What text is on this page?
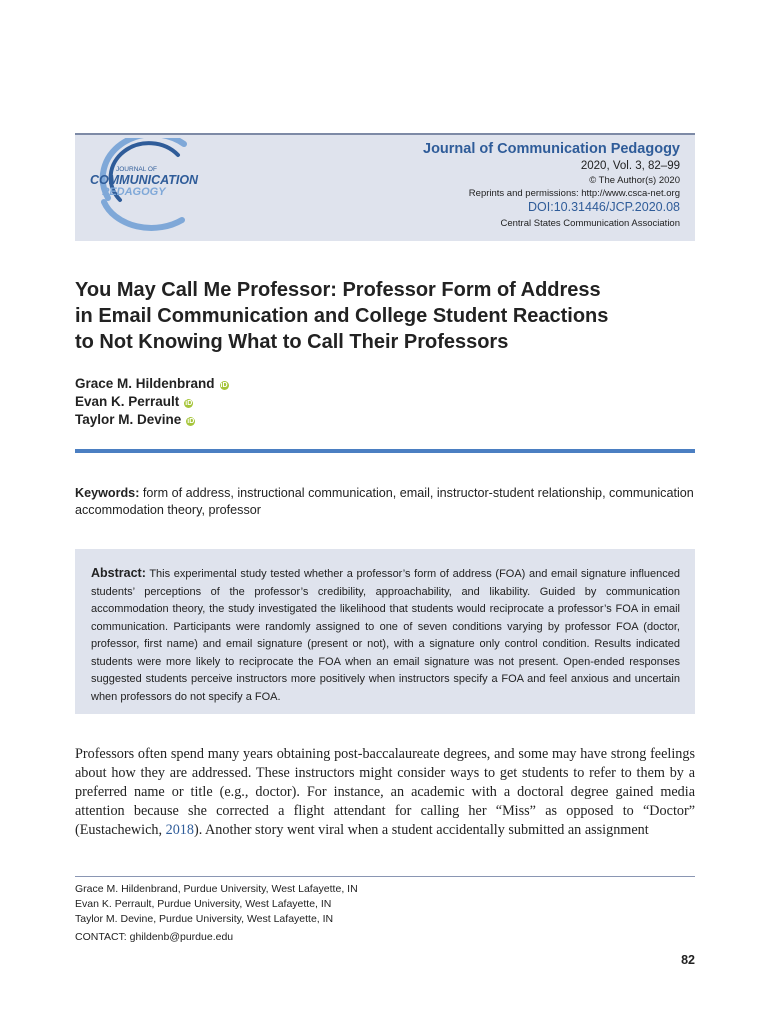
JOURNAL OF
COMMUNICATION
PEDAGOGY
Journal of Communication Pedagogy
2020, Vol. 3, 82–99
© The Author(s) 2020
Reprints and permissions: http://www.csca-net.org
DOI:10.31446/JCP.2020.08
Central States Communication Association
You May Call Me Professor: Professor Form of Address
in Email Communication and College Student Reactions
to Not Knowing What to Call Their Professors
Grace M. Hildenbrand iD
Evan K. Perrault iD
Taylor M. Devine iD
Keywords: form of address, instructional communication, email, instructor-student relationship, communication accommodation theory, professor
Abstract: This experimental study tested whether a professor’s form of address (FOA) and email signature influenced students’ perceptions of the professor’s credibility, approachability, and likability. Guided by communication accommodation theory, the study investigated the likelihood that students would reciprocate a professor’s FOA in email communication. Participants were randomly assigned to one of seven conditions varying by professor FOA (doctor, professor, first name) and email signature (present or not), with a signature only control condition. Results indicated students were more likely to reciprocate the FOA when an email signature was not present. Open-ended responses suggested students perceive instructors more positively when instructors specify a FOA and feel anxious and uncertain when professors do not specify a FOA.
Professors often spend many years obtaining post-baccalaureate degrees, and some may have strong feelings about how they are addressed. These instructors might consider ways to get students to refer to them by a preferred name or title (e.g., doctor). For instance, an academic with a doctoral degree gained media attention because she corrected a flight attendant for calling her “Miss” as opposed to “Doctor” (Eustachewich, 2018). Another story went viral when a student accidentally submitted an assignment
Grace M. Hildenbrand, Purdue University, West Lafayette, IN
Evan K. Perrault, Purdue University, West Lafayette, IN
Taylor M. Devine, Purdue University, West Lafayette, IN
CONTACT: ghildenb@purdue.edu
82
